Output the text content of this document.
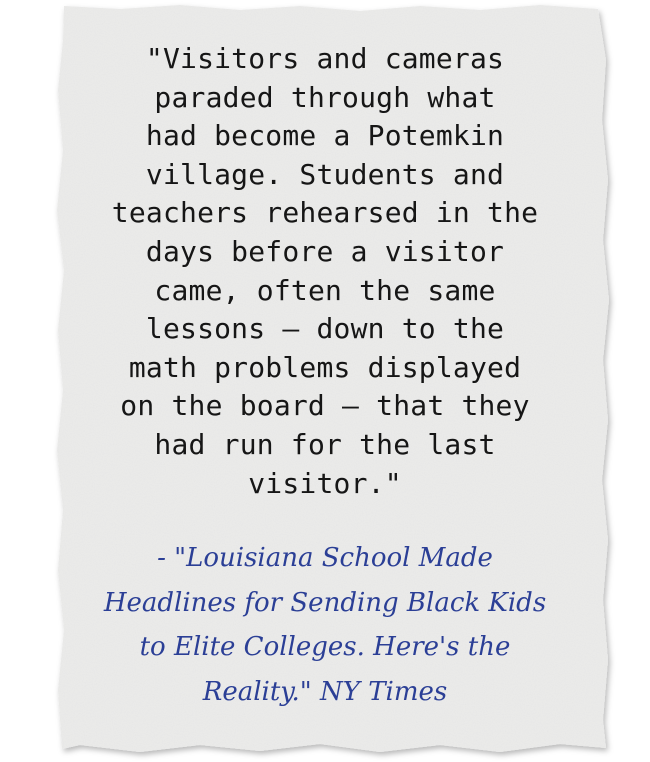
"Visitors and cameras
paraded through what
had become a Potemkin
village. Students and
teachers rehearsed in the
days before a visitor
came, often the same
lessons — down to the
math problems displayed
on the board — that they
had run for the last
visitor."

- "Louisiana School Made
Headlines for Sending Black Kids
to Elite Colleges. Here's the
Reality." NY Times
